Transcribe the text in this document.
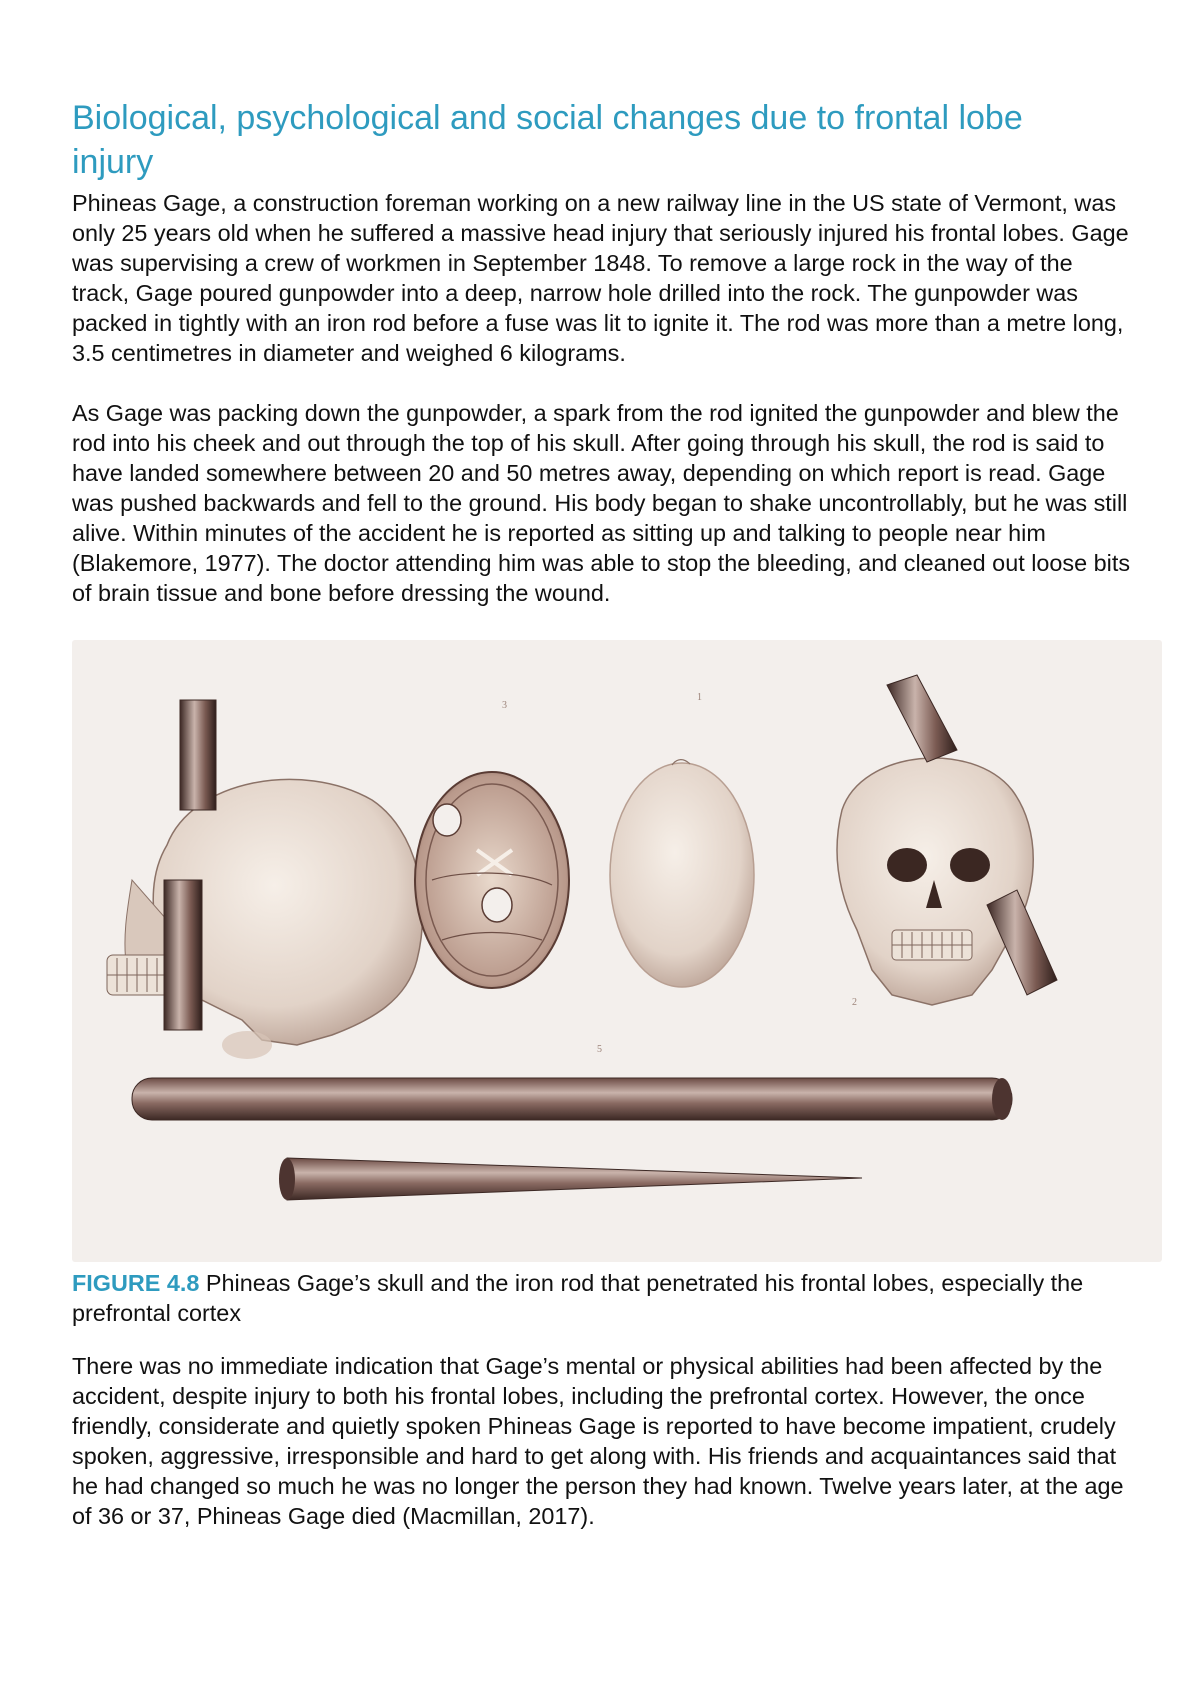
Biological, psychological and social changes due to frontal lobe injury

Phineas Gage, a construction foreman working on a new railway line in the US state of Vermont, was only 25 years old when he suffered a massive head injury that seriously injured his frontal lobes. Gage was supervising a crew of workmen in September 1848. To remove a large rock in the way of the track, Gage poured gunpowder into a deep, narrow hole drilled into the rock. The gunpowder was packed in tightly with an iron rod before a fuse was lit to ignite it. The rod was more than a metre long, 3.5 centimetres in diameter and weighed 6 kilograms.

As Gage was packing down the gunpowder, a spark from the rod ignited the gunpowder and blew the rod into his cheek and out through the top of his skull. After going through his skull, the rod is said to have landed somewhere between 20 and 50 metres away, depending on which report is read. Gage was pushed backwards and fell to the ground. His body began to shake uncontrollably, but he was still alive. Within minutes of the accident he is reported as sitting up and talking to people near him (Blakemore, 1977). The doctor attending him was able to stop the bleeding, and cleaned out loose bits of brain tissue and bone before dressing the wound.

3
1
2
5

FIGURE 4.8 Phineas Gage’s skull and the iron rod that penetrated his frontal lobes, especially the prefrontal cortex

There was no immediate indication that Gage’s mental or physical abilities had been affected by the accident, despite injury to both his frontal lobes, including the prefrontal cortex. However, the once friendly, considerate and quietly spoken Phineas Gage is reported to have become impatient, crudely spoken, aggressive, irresponsible and hard to get along with. His friends and acquaintances said that he had changed so much he was no longer the person they had known. Twelve years later, at the age of 36 or 37, Phineas Gage died (Macmillan, 2017).
